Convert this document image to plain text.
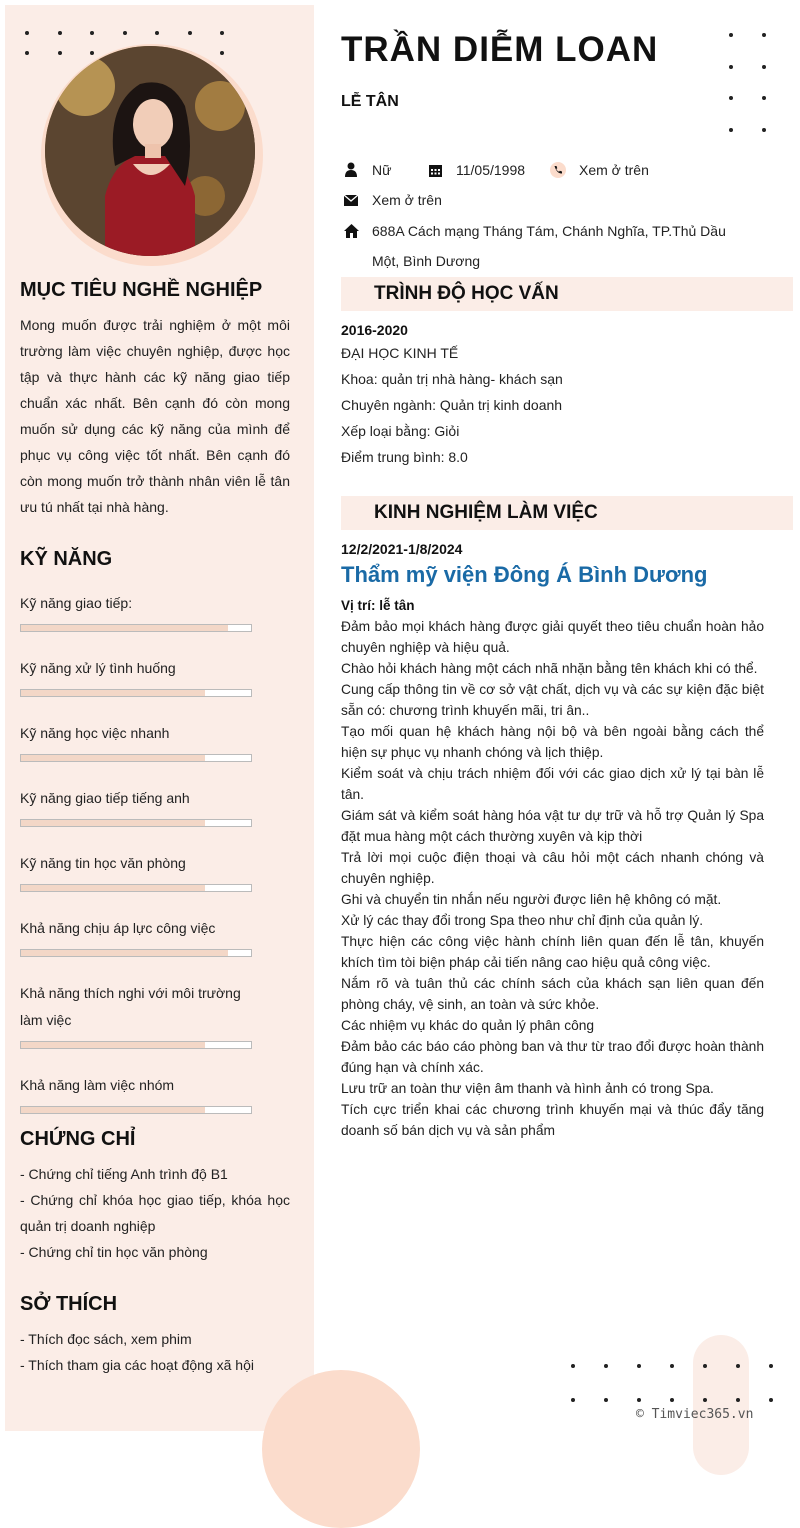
MỤC TIÊU NGHỀ NGHIỆP

Mong muốn được trải nghiệm ở một môi trường làm việc chuyên nghiệp, được học tập và thực hành các kỹ năng giao tiếp chuẩn xác nhất. Bên cạnh đó còn mong muốn sử dụng các kỹ năng của mình để phục vụ công việc tốt nhất. Bên cạnh đó còn mong muốn trở thành nhân viên lễ tân ưu tú nhất tại nhà hàng.

KỸ NĂNG
Kỹ năng giao tiếp:
Kỹ năng xử lý tình huống
Kỹ năng học việc nhanh
Kỹ năng giao tiếp tiếng anh
Kỹ năng tin học văn phòng
Khả năng chịu áp lực công việc
Khả năng thích nghi với môi trường làm việc
Khả năng làm việc nhóm
CHỨNG CHỈ
- Chứng chỉ tiếng Anh trình độ B1
- Chứng chỉ khóa học giao tiếp, khóa học quản trị doanh nghiệp
- Chứng chỉ tin học văn phòng
SỞ THÍCH
- Thích đọc sách, xem phim
- Thích tham gia các hoạt động xã hội
TRẦN DIỄM LOAN
LỄ TÂN
Nữ	11/05/1998	Xem ở trên
Xem ở trên
688A Cách mạng Tháng Tám, Chánh Nghĩa, TP.Thủ Dầu
Một, Bình Dương
TRÌNH ĐỘ HỌC VẤN
2016-2020
ĐẠI HỌC KINH TẾ
Khoa: quản trị nhà hàng- khách sạn
Chuyên ngành: Quản trị kinh doanh
Xếp loại bằng: Giỏi
Điểm trung bình: 8.0
KINH NGHIỆM LÀM VIỆC
12/2/2021-1/8/2024
Thẩm mỹ viện Đông Á Bình Dương
Vị trí: lễ tân
Đảm bảo mọi khách hàng được giải quyết theo tiêu chuẩn hoàn hảo chuyên nghiệp và hiệu quả.
Chào hỏi khách hàng một cách nhã nhặn bằng tên khách khi có thể.
Cung cấp thông tin về cơ sở vật chất, dịch vụ và các sự kiện đặc biệt sẵn có: chương trình khuyến mãi, tri ân..
Tạo mối quan hệ khách hàng nội bộ và bên ngoài bằng cách thể hiện sự phục vụ nhanh chóng và lịch thiệp.
Kiểm soát và chịu trách nhiệm đối với các giao dịch xử lý tại bàn lễ tân.
Giám sát và kiểm soát hàng hóa vật tư dự trữ và hỗ trợ Quản lý Spa đặt mua hàng một cách thường xuyên và kịp thời
Trả lời mọi cuộc điện thoại và câu hỏi một cách nhanh chóng và chuyên nghiệp.
Ghi và chuyển tin nhắn nếu người được liên hệ không có mặt.
Xử lý các thay đổi trong Spa theo như chỉ định của quản lý.
Thực hiện các công việc hành chính liên quan đến lễ tân, khuyến khích tìm tòi biện pháp cải tiến nâng cao hiệu quả công việc.
Nắm rõ và tuân thủ các chính sách của khách sạn liên quan đến phòng cháy, vệ sinh, an toàn và sức khỏe.
Các nhiệm vụ khác do quản lý phân công
Đảm bảo các báo cáo phòng ban và thư từ trao đổi được hoàn thành đúng hạn và chính xác.
Lưu trữ an toàn thư viện âm thanh và hình ảnh có trong Spa.
Tích cực triển khai các chương trình khuyến mại và thúc đẩy tăng doanh số bán dịch vụ và sản phẩm
© Timviec365.vn
